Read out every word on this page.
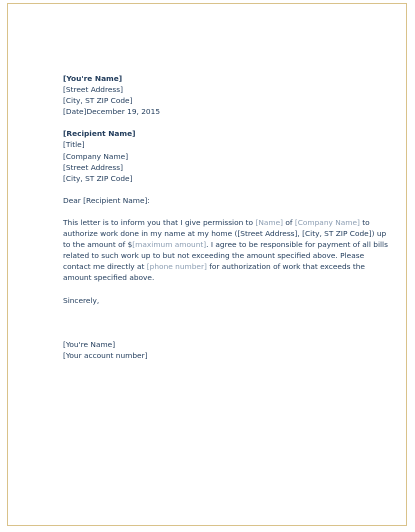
[You're Name]
[Street Address]
[City, ST ZIP Code]
[Date]December 19, 2015
[Recipient Name]
[Title]
[Company Name]
[Street Address]
[City, ST ZIP Code]
Dear [Recipient Name]:
This letter is to inform you that I give permission to [Name] of [Company Name] to
authorize work done in my name at my home ([Street Address], [City, ST ZIP Code]) up
to the amount of $[maximum amount]. I agree to be responsible for payment of all bills
related to such work up to but not exceeding the amount specified above. Please
contact me directly at [phone number] for authorization of work that exceeds the
amount specified above.
Sincerely,
[You're Name]
[Your account number]
